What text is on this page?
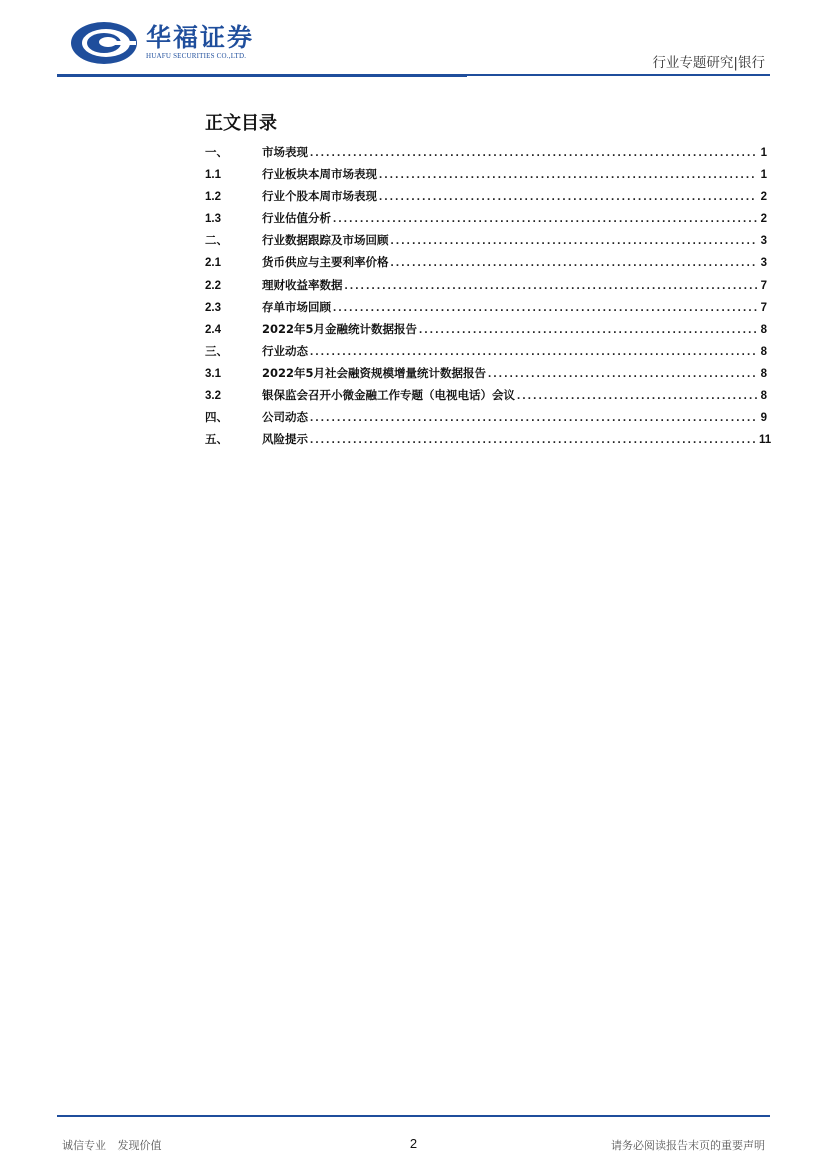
华福证券
HUAFU SECURITIES CO.,LTD.	行业专题研究|银行
正文目录
一、	市场表现 .....	1
1.1	行业板块本周市场表现 .....	1
1.2	行业个股本周市场表现 .....	2
1.3	行业估值分析 .....	2
二、	行业数据跟踪及市场回顾 .....	3
2.1	货币供应与主要利率价格 .....	3
2.2	理财收益率数据 .....	7
2.3	存单市场回顾 .....	7
2.4	2022年5月金融统计数据报告 .....	8
三、	行业动态 .....	8
3.1	2022年5月社会融资规模增量统计数据报告 .....	8
3.2	银保监会召开小微金融工作专题（电视电话）会议 .....	8
四、	公司动态 .....	9
五、	风险提示 .....	11
诚信专业 发现价值	2	请务必阅读报告末页的重要声明
